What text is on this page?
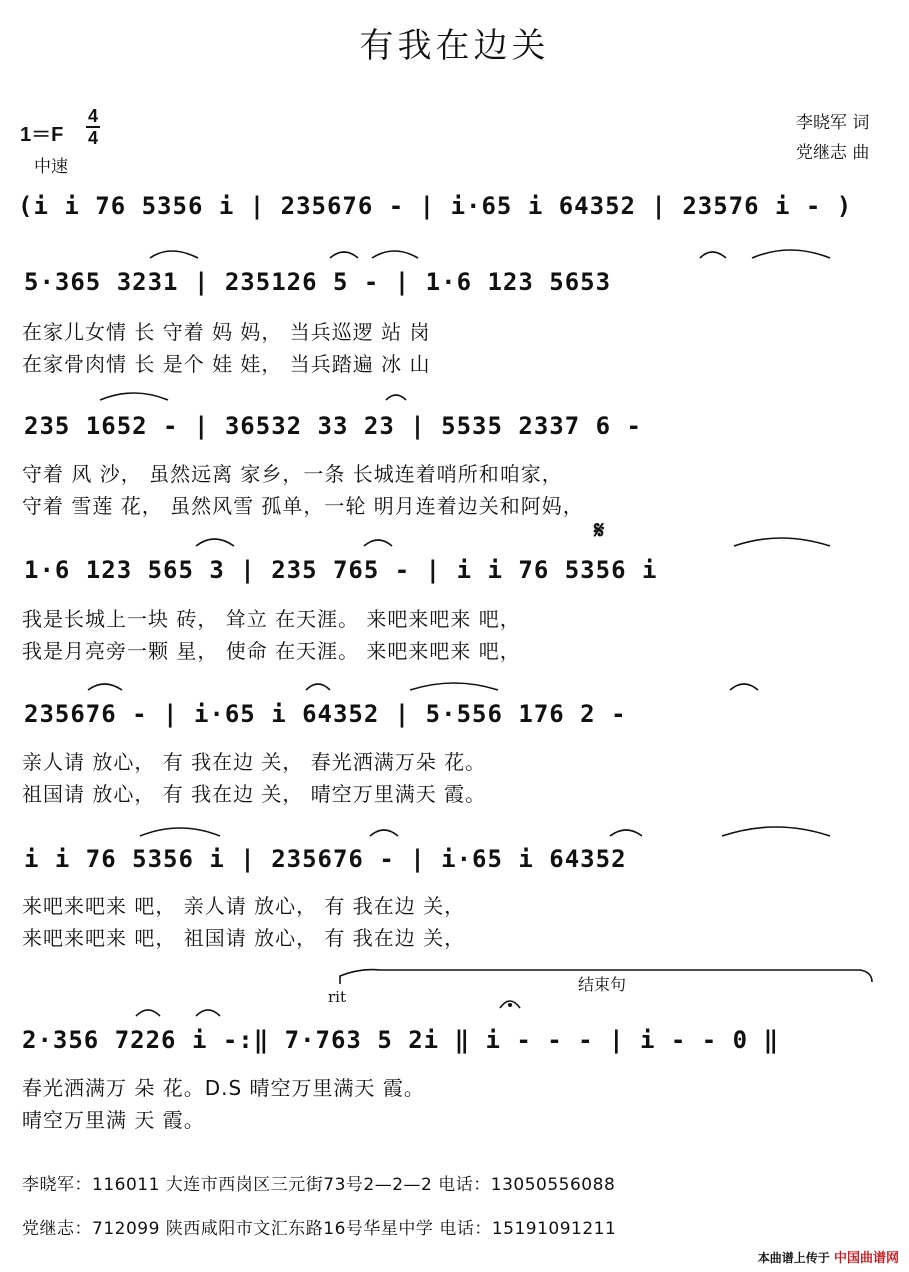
有我在边关
1＝F
4
4
中速
李晓军 词
党继志 曲
(i i 76 5356 i | 235676 - | i·65 i 64352 | 23576 i - )
5·365 3231 | 235126 5 - | 1·6 123 5653
在家儿女情 长 守着 妈 妈， 当兵巡逻 站 岗
在家骨肉情 长 是个 娃 娃， 当兵踏遍 冰 山
235 1652 - | 36532 33 23 | 5535 2337 6 -
守着 风 沙， 虽然远离 家乡，一条 长城连着哨所和咱家，
守着 雪莲 花， 虽然风雪 孤单，一轮 明月连着边关和阿妈，
𝄋
1·6 123 565 3 | 235 765 - | i i 76 5356 i
我是长城上一块 砖， 耸立 在天涯。 来吧来吧来 吧，
我是月亮旁一颗 星， 使命 在天涯。 来吧来吧来 吧，
235676 - | i·65 i 64352 | 5·556 176 2 -
亲人请 放心， 有 我在边 关， 春光洒满万朵 花。
祖国请 放心， 有 我在边 关， 晴空万里满天 霞。
i i 76 5356 i | 235676 - | i·65 i 64352
来吧来吧来 吧， 亲人请 放心， 有 我在边 关，
来吧来吧来 吧， 祖国请 放心， 有 我在边 关，
结束句
rit
2·356 7226 i -:‖ 7·763 5 2i ‖ i - - - | i - - 0 ‖
春光洒满万 朵 花。D.S 晴空万里满天 霞。
晴空万里满 天 霞。
李晓军：116011 大连市西岗区三元街73号2—2—2 电话：13050556088
党继志：712099 陕西咸阳市文汇东路16号华星中学 电话：15191091211
本曲谱上传于 中国曲谱网
